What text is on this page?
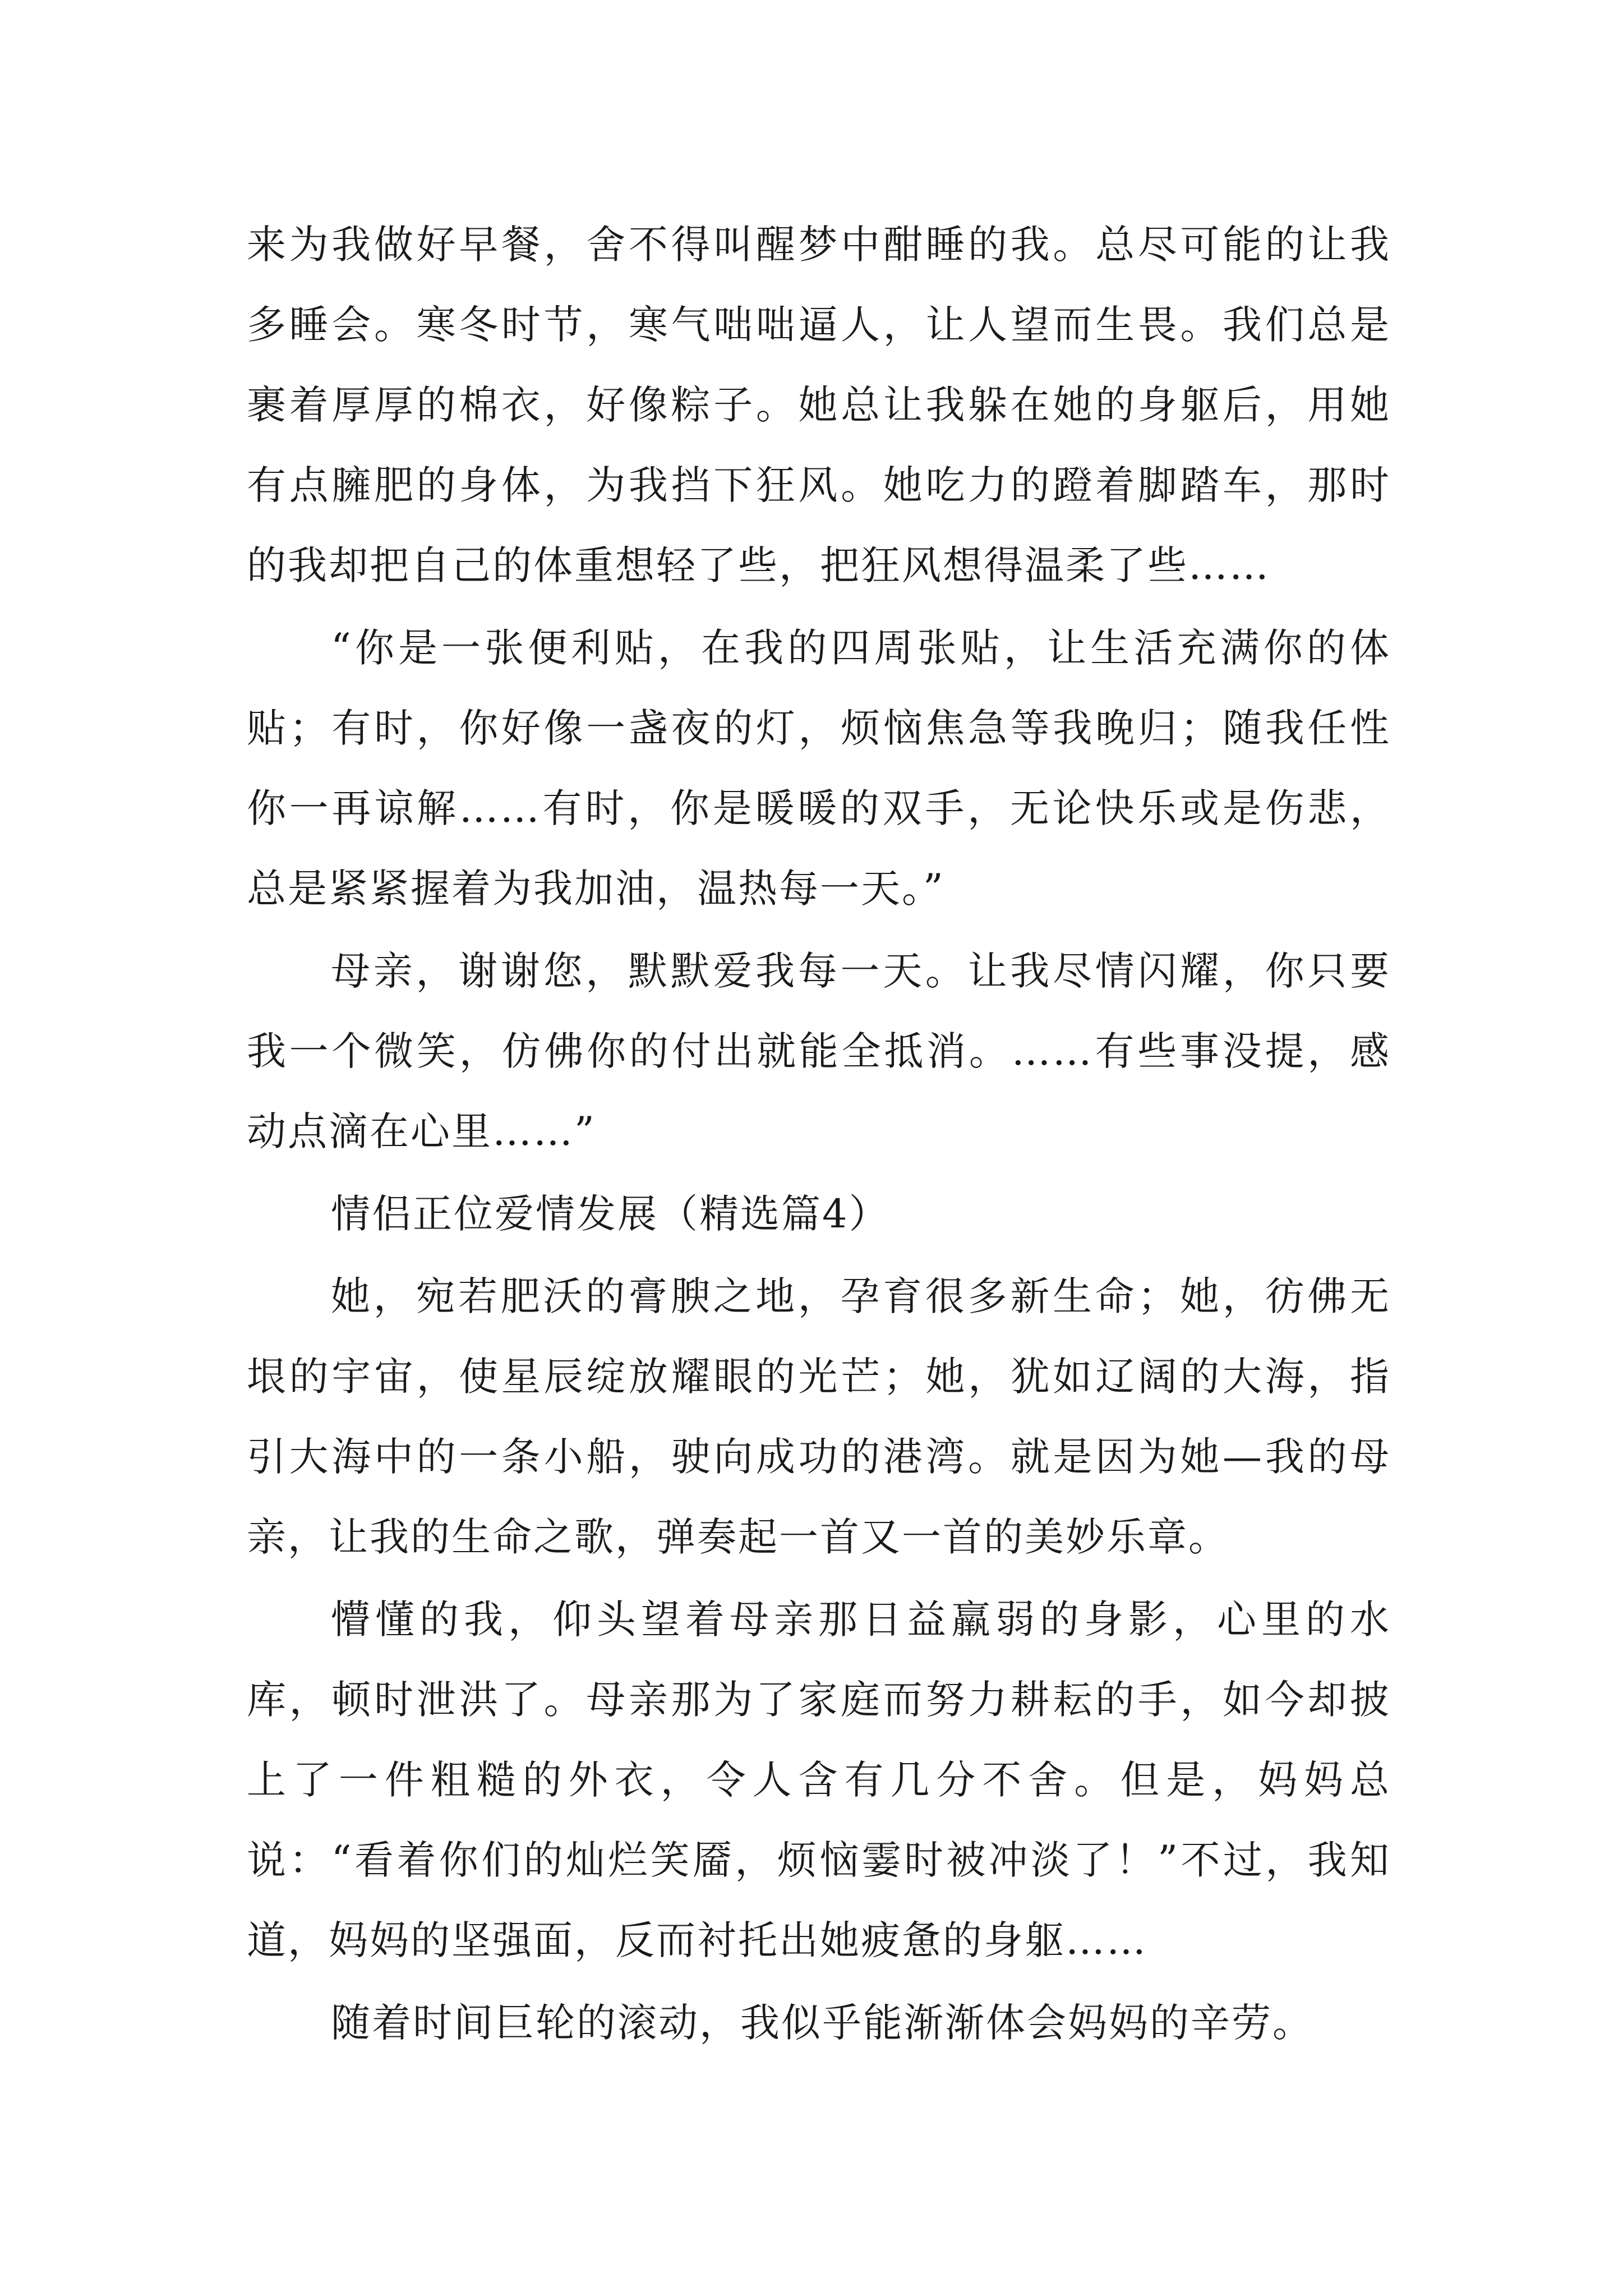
来为我做好早餐，舍不得叫醒梦中酣睡的我。总尽可能的让我多睡会。寒冬时节，寒气咄咄逼人，让人望而生畏。我们总是裹着厚厚的棉衣，好像粽子。她总让我躲在她的身躯后，用她有点臃肥的身体，为我挡下狂风。她吃力的蹬着脚踏车，那时的我却把自己的体重想轻了些，把狂风想得温柔了些……

“你是一张便利贴，在我的四周张贴，让生活充满你的体贴；有时，你好像一盏夜的灯，烦恼焦急等我晚归；随我任性你一再谅解……有时，你是暖暖的双手，无论快乐或是伤悲，总是紧紧握着为我加油，温热每一天。”

母亲，谢谢您，默默爱我每一天。让我尽情闪耀，你只要我一个微笑，仿佛你的付出就能全抵消。……有些事没提，感动点滴在心里……”

情侣正位爱情发展（精选篇4）

她，宛若肥沃的膏腴之地，孕育很多新生命；她，彷佛无垠的宇宙，使星辰绽放耀眼的光芒；她，犹如辽阔的大海，指引大海中的一条小船，驶向成功的港湾。就是因为她—我的母亲，让我的生命之歌，弹奏起一首又一首的美妙乐章。

懵懂的我，仰头望着母亲那日益羸弱的身影，心里的水库，顿时泄洪了。母亲那为了家庭而努力耕耘的手，如今却披上了一件粗糙的外衣，令人含有几分不舍。但是，妈妈总说：“看着你们的灿烂笑靥，烦恼霎时被冲淡了！”不过，我知道，妈妈的坚强面，反而衬托出她疲惫的身躯……

随着时间巨轮的滚动，我似乎能渐渐体会妈妈的辛劳。
